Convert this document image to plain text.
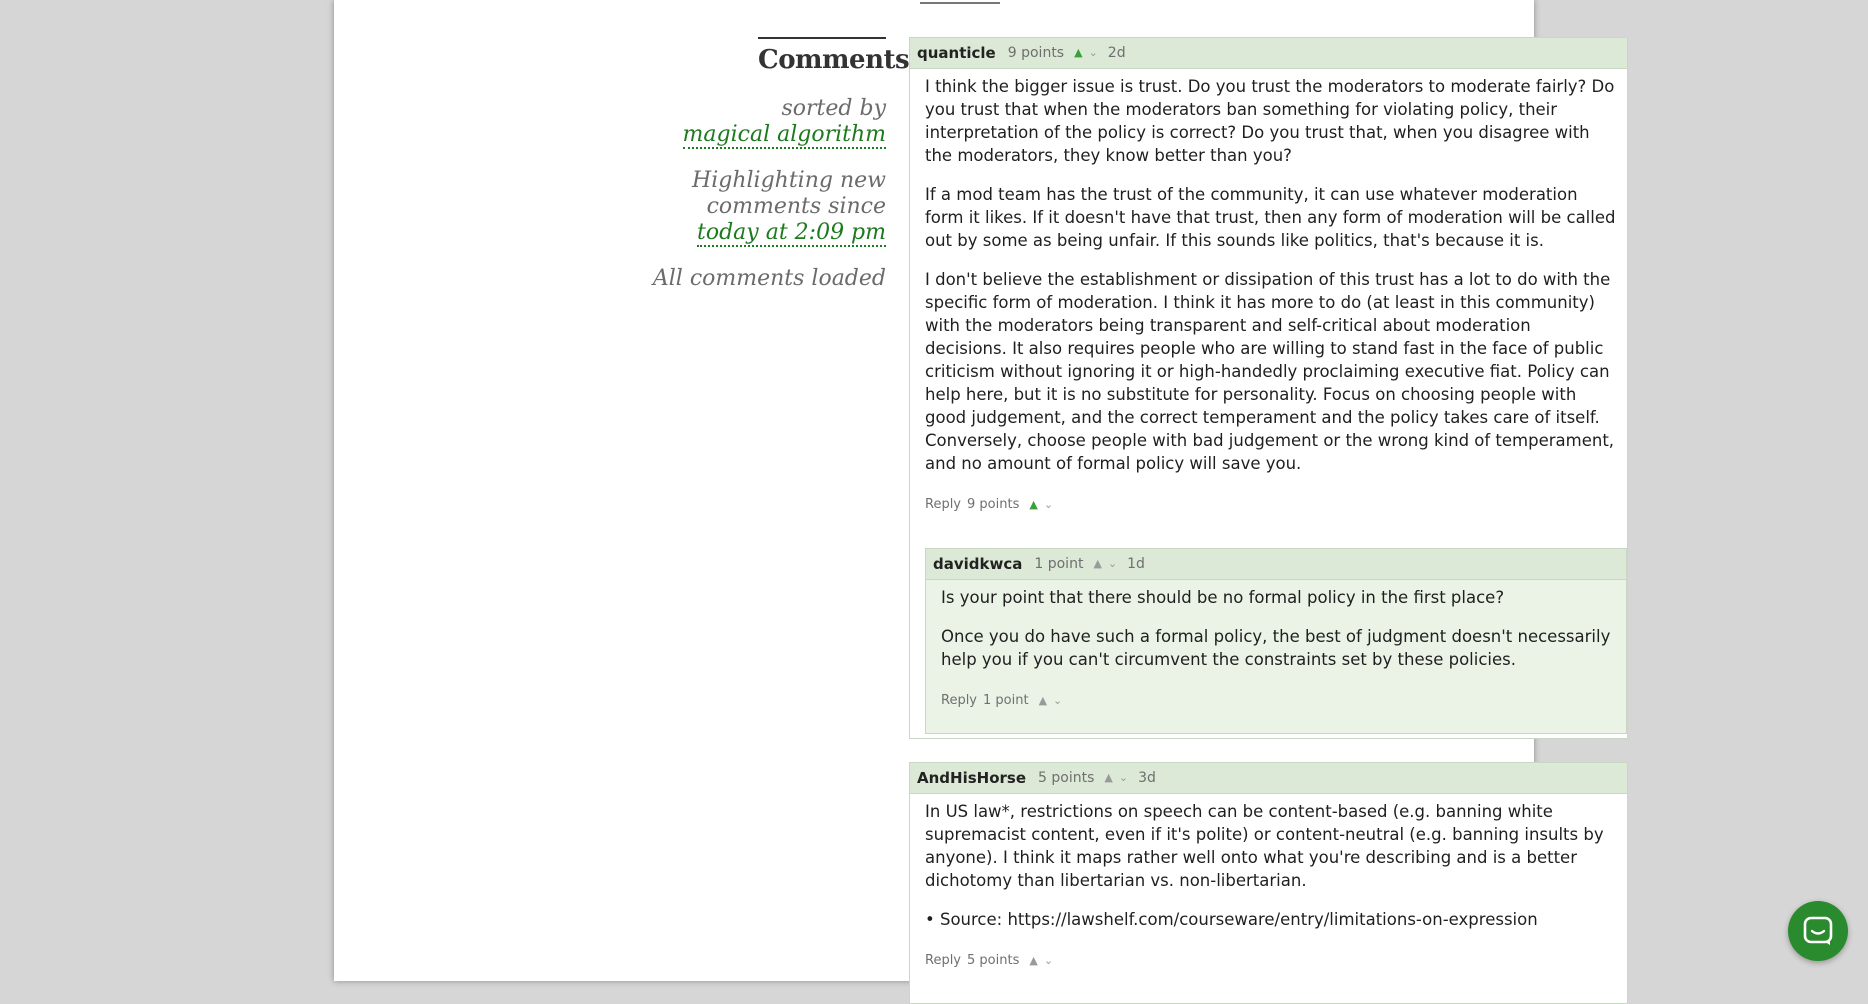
Comments
sorted by
magical algorithm
Highlighting new
comments since
today at 2:09 pm
All comments loaded
quanticle 9 points ▲ ⌄ 2d

I think the bigger issue is trust. Do you trust the moderators to moderate fairly? Do you trust that when the moderators ban something for violating policy, their interpretation of the policy is correct? Do you trust that, when you disagree with the moderators, they know better than you?

If a mod team has the trust of the community, it can use whatever moderation form it likes. If it doesn't have that trust, then any form of moderation will be called out by some as being unfair. If this sounds like politics, that's because it is.

I don't believe the establishment or dissipation of this trust has a lot to do with the specific form of moderation. I think it has more to do (at least in this community) with the moderators being transparent and self-critical about moderation decisions. It also requires people who are willing to stand fast in the face of public criticism without ignoring it or high-handedly proclaiming executive fiat. Policy can help here, but it is no substitute for personality. Focus on choosing people with good judgement, and the correct temperament and the policy takes care of itself. Conversely, choose people with bad judgement or the wrong kind of temperament, and no amount of formal policy will save you.

Reply 9 points ▲ ⌄
davidkwca 1 point ▲ ⌄ 1d

Is your point that there should be no formal policy in the first place?

Once you do have such a formal policy, the best of judgment doesn't necessarily help you if you can't circumvent the constraints set by these policies.

Reply 1 point ▲ ⌄
AndHisHorse 5 points ▲ ⌄ 3d

In US law*, restrictions on speech can be content-based (e.g. banning white supremacist content, even if it's polite) or content-neutral (e.g. banning insults by anyone). I think it maps rather well onto what you're describing and is a better dichotomy than libertarian vs. non-libertarian.

• Source: https://lawshelf.com/courseware/entry/limitations-on-expression

Reply 5 points ▲ ⌄
